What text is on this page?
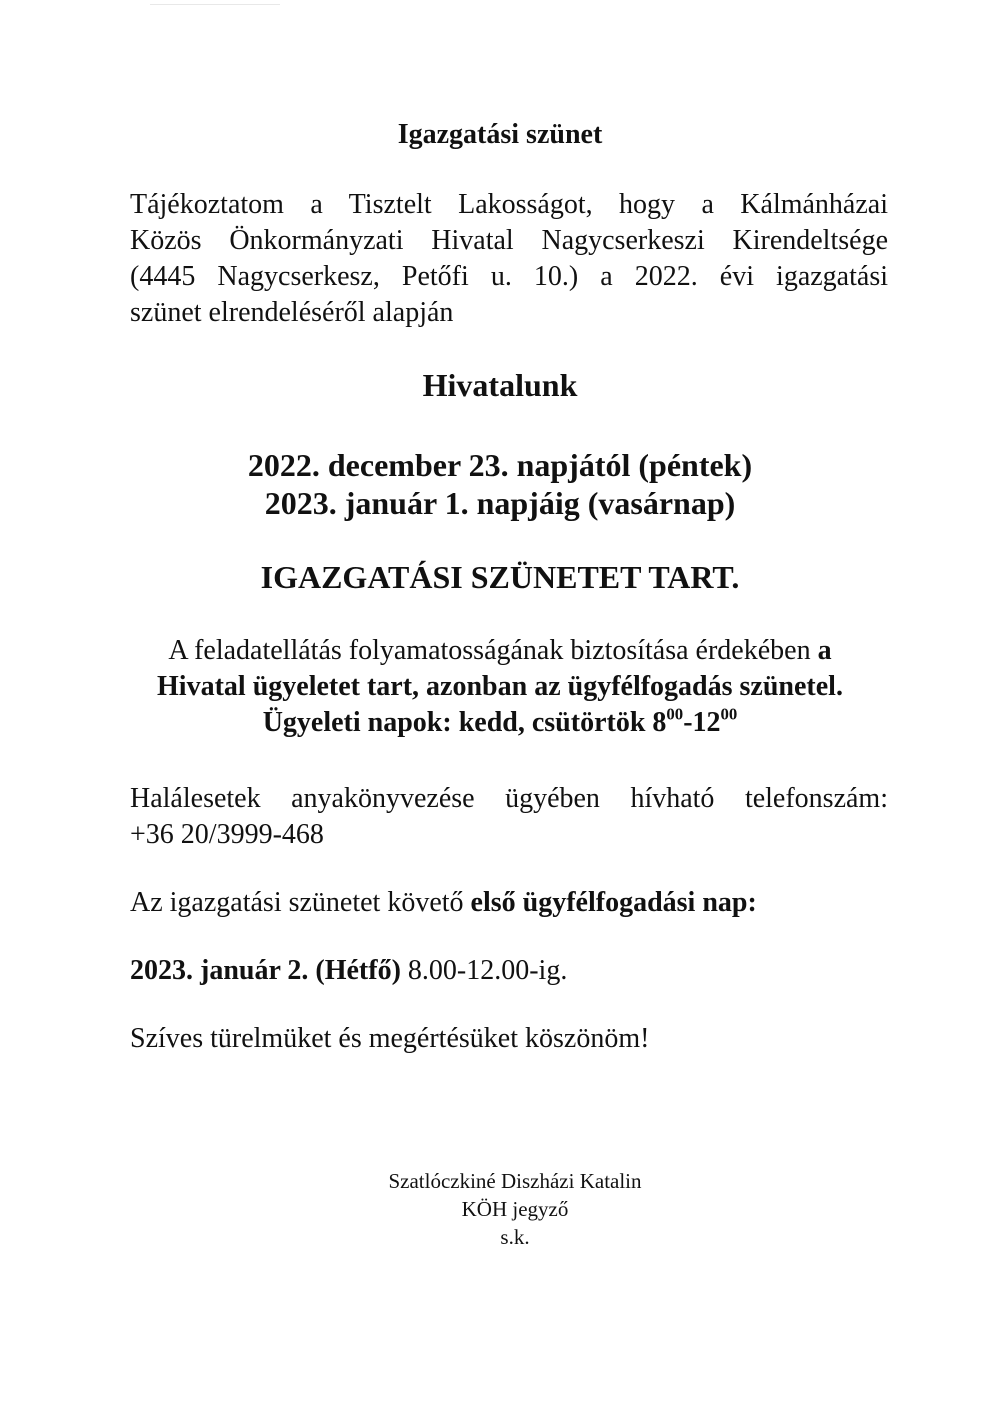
Igazgatási szünet

Tájékoztatom a Tisztelt Lakosságot, hogy a Kálmánházai

Közös Önkormányzati Hivatal Nagycserkeszi Kirendeltsége

(4445 Nagycserkesz, Petőfi u. 10.) a 2022. évi igazgatási

szünet elrendeléséről alapján

Hivatalunk

2022. december 23. napjától (péntek)

2023. január 1. napjáig (vasárnap)

IGAZGATÁSI SZÜNETET TART.

A feladatellátás folyamatosságának biztosítása érdekében a

Hivatal ügyeletet tart, azonban az ügyfélfogadás szünetel.

Ügyeleti napok: kedd, csütörtök $8^{00}-12^{00}$

Halálesetek anyakönyvezése ügyében hívható telefonszám:

+36 20/3999-468

Az igazgatási szünetet követő első ügyfélfogadási nap:

2023. január 2. (Hétfő) 8.00-12.00-ig.

Szíves türelmüket és megértésüket köszönöm!

Szatlóczkiné Diszházi Katalin

KÖH jegyző

s.k.
